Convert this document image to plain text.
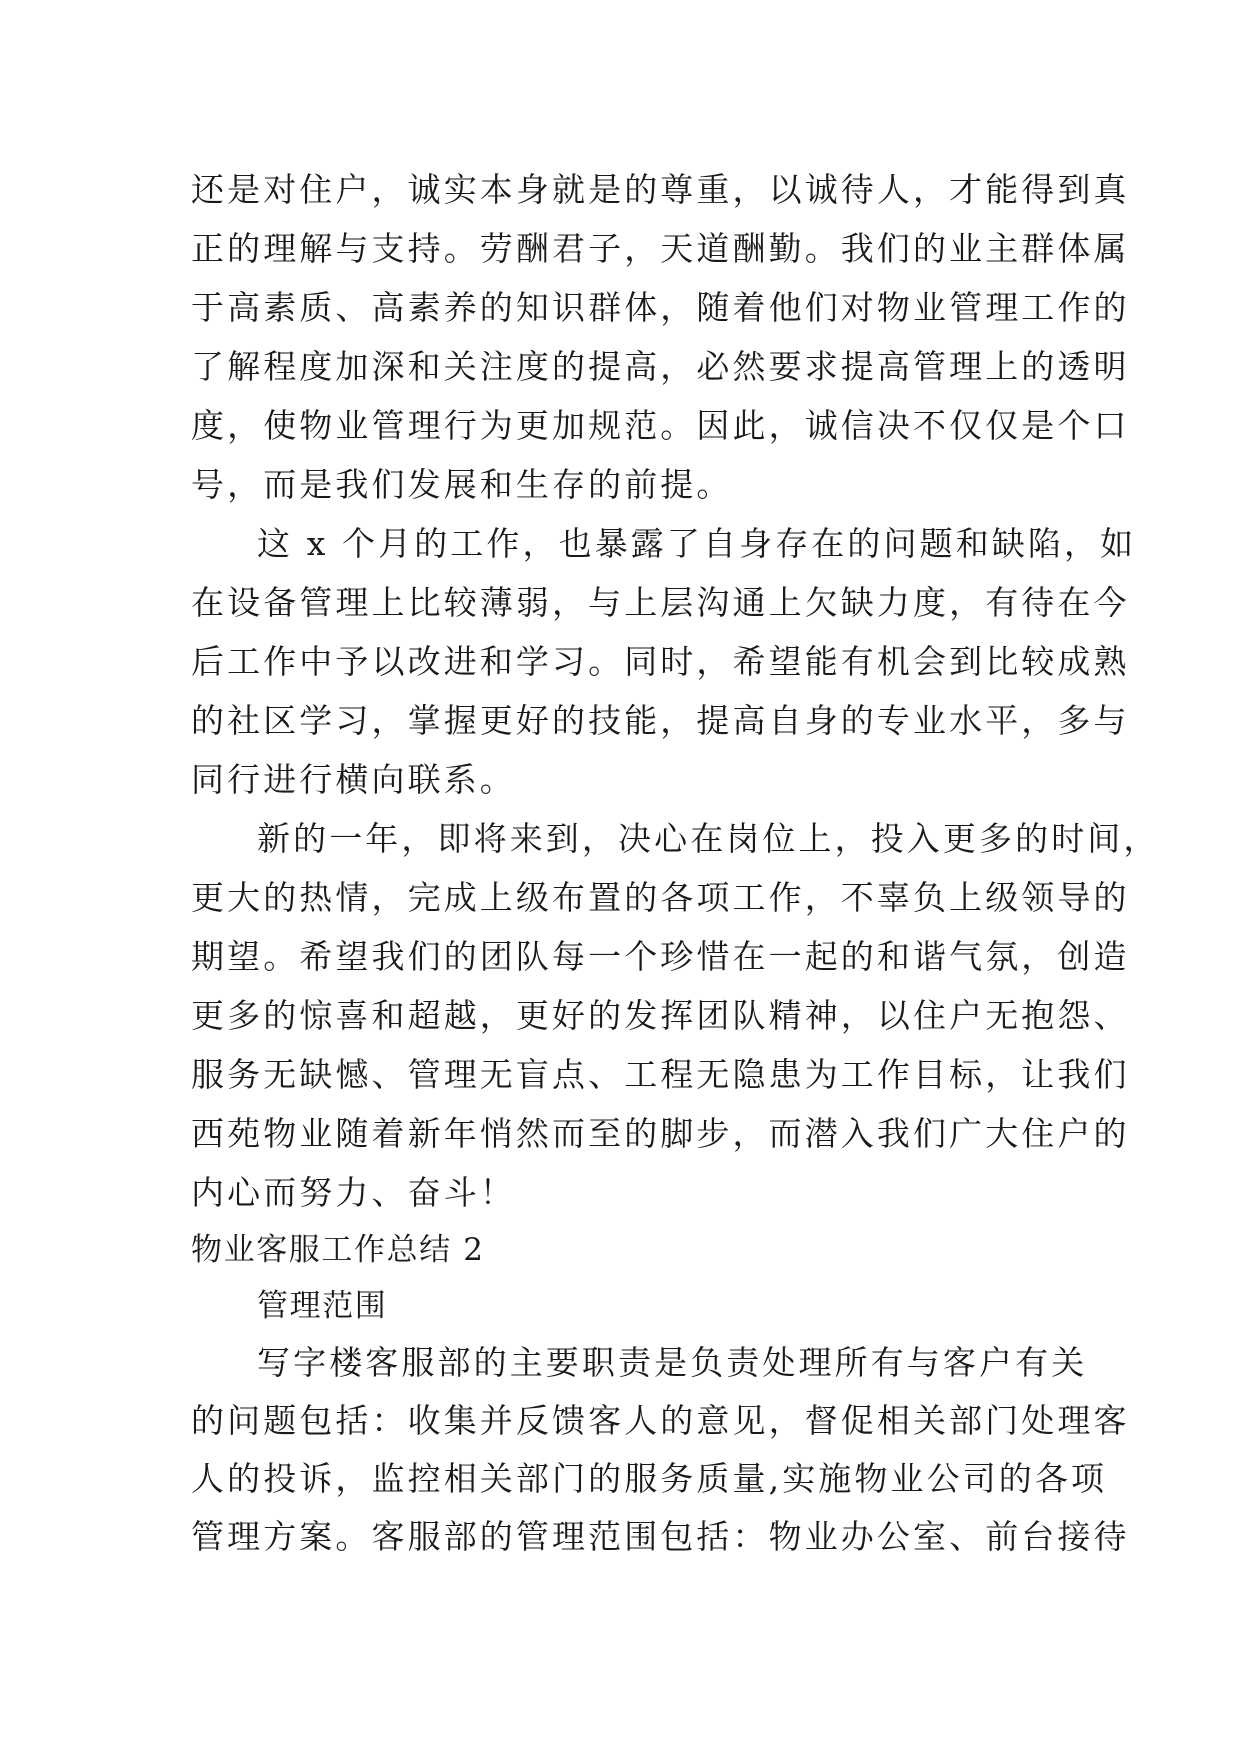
还是对住户，诚实本身就是的尊重，以诚待人，才能得到真
正的理解与支持。劳酬君子，天道酬勤。我们的业主群体属
于高素质、高素养的知识群体，随着他们对物业管理工作的
了解程度加深和关注度的提高，必然要求提高管理上的透明
度，使物业管理行为更加规范。因此，诚信决不仅仅是个口
号，而是我们发展和生存的前提。
这 x 个月的工作，也暴露了自身存在的问题和缺陷，如
在设备管理上比较薄弱，与上层沟通上欠缺力度，有待在今
后工作中予以改进和学习。同时，希望能有机会到比较成熟
的社区学习，掌握更好的技能，提高自身的专业水平，多与
同行进行横向联系。
新的一年，即将来到，决心在岗位上，投入更多的时间，
更大的热情，完成上级布置的各项工作，不辜负上级领导的
期望。希望我们的团队每一个珍惜在一起的和谐气氛，创造
更多的惊喜和超越，更好的发挥团队精神，以住户无抱怨、
服务无缺憾、管理无盲点、工程无隐患为工作目标，让我们
西苑物业随着新年悄然而至的脚步，而潜入我们广大住户的
内心而努力、奋斗！
物业客服工作总结 2
管理范围
写字楼客服部的主要职责是负责处理所有与客户有关
的问题包括：收集并反馈客人的意见，督促相关部门处理客
人的投诉，监控相关部门的服务质量,实施物业公司的各项
管理方案。客服部的管理范围包括：物业办公室、前台接待
